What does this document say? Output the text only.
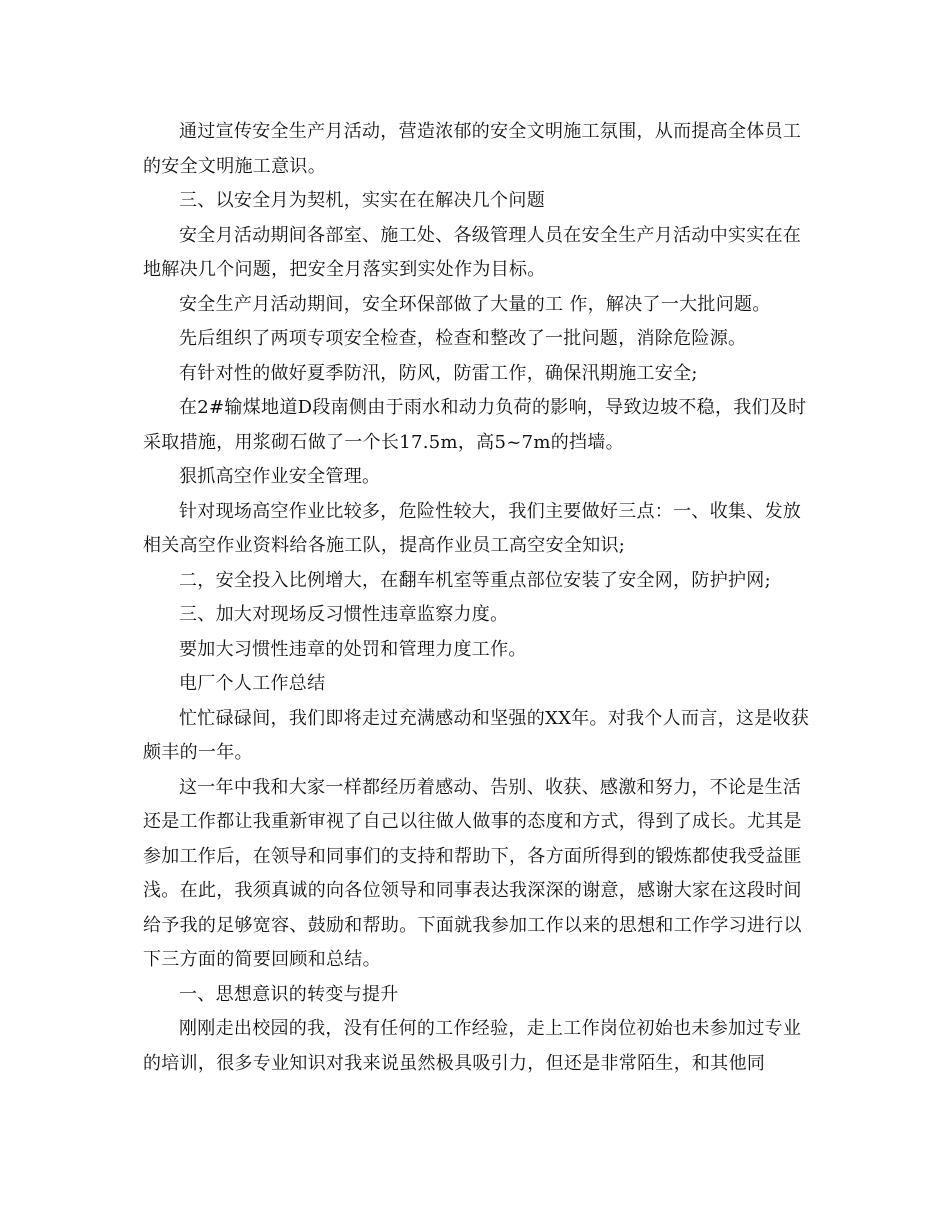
通过宣传安全生产月活动，营造浓郁的安全文明施工氛围，从而提高全体员工的安全文明施工意识。

三、以安全月为契机，实实在在解决几个问题

安全月活动期间各部室、施工处、各级管理人员在安全生产月活动中实实在在地解决几个问题，把安全月落实到实处作为目标。

安全生产月活动期间，安全环保部做了大量的工 作，解决了一大批问题。

先后组织了两项专项安全检查，检查和整改了一批问题，消除危险源。

有针对性的做好夏季防汛，防风，防雷工作，确保汛期施工安全;

在2#输煤地道D段南侧由于雨水和动力负荷的影响，导致边坡不稳，我们及时采取措施，用浆砌石做了一个长17.5m，高5~7m的挡墙。

狠抓高空作业安全管理。

针对现场高空作业比较多，危险性较大，我们主要做好三点：一、收集、发放相关高空作业资料给各施工队，提高作业员工高空安全知识;

二，安全投入比例增大，在翻车机室等重点部位安装了安全网，防护护网;

三、加大对现场反习惯性违章监察力度。

要加大习惯性违章的处罚和管理力度工作。

电厂个人工作总结

忙忙碌碌间，我们即将走过充满感动和坚强的XX年。对我个人而言，这是收获颇丰的一年。

这一年中我和大家一样都经历着感动、告别、收获、感激和努力，不论是生活还是工作都让我重新审视了自己以往做人做事的态度和方式，得到了成长。尤其是参加工作后，在领导和同事们的支持和帮助下，各方面所得到的锻炼都使我受益匪浅。在此，我须真诚的向各位领导和同事表达我深深的谢意，感谢大家在这段时间给予我的足够宽容、鼓励和帮助。下面就我参加工作以来的思想和工作学习进行以下三方面的简要回顾和总结。

一、思想意识的转变与提升

刚刚走出校园的我，没有任何的工作经验，走上工作岗位初始也未参加过专业的培训，很多专业知识对我来说虽然极具吸引力，但还是非常陌生，和其他同
